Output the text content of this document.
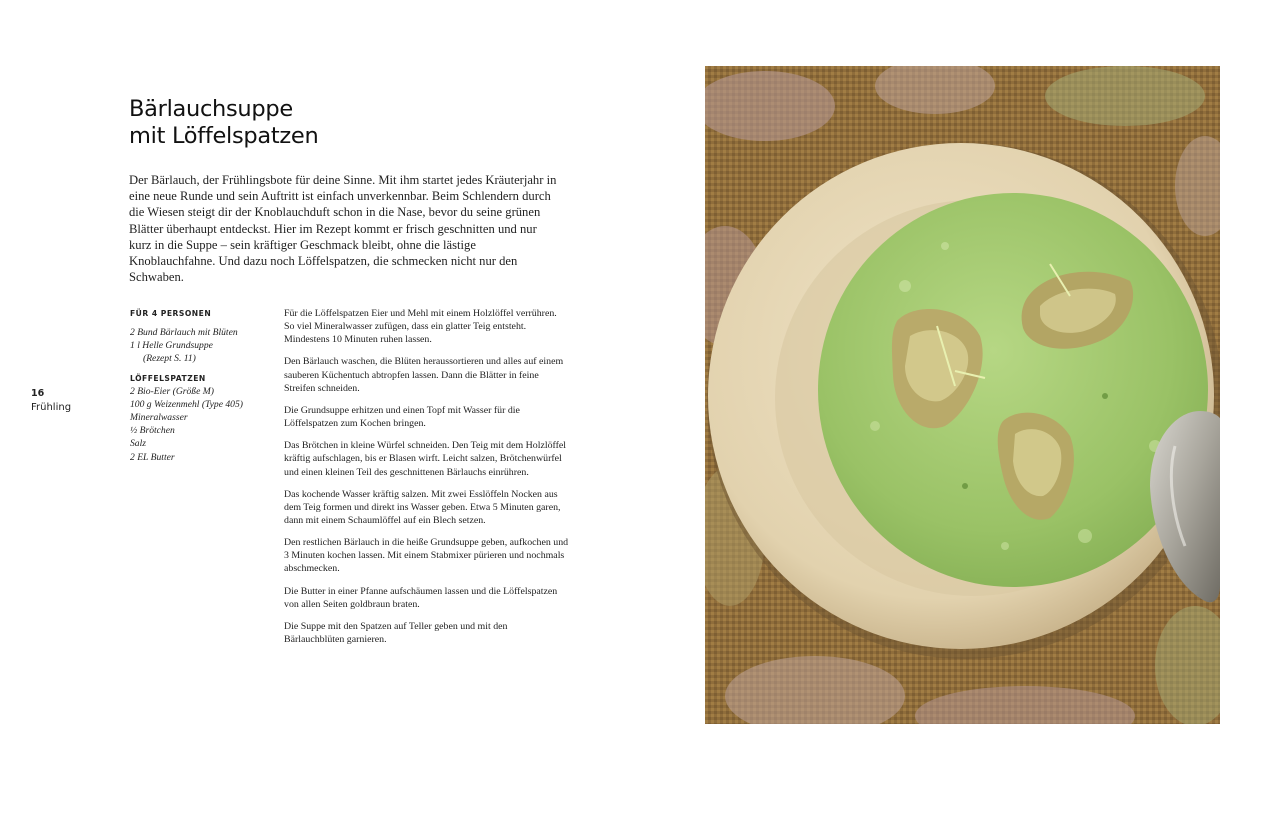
Bärlauchsuppe
mit Löffelspatzen

Der Bärlauch, der Frühlingsbote für deine Sinne. Mit ihm startet jedes Kräuterjahr in eine neue Runde und sein Auftritt ist einfach unverkennbar. Beim Schlendern durch die Wiesen steigt dir der Knoblauchduft schon in die Nase, bevor du seine grünen Blätter überhaupt entdeckst. Hier im Rezept kommt er frisch geschnitten und nur kurz in die Suppe – sein kräftiger Geschmack bleibt, ohne die lästige Knoblauchfahne. Und dazu noch Löffelspatzen, die schmecken nicht nur den Schwaben.

16
Frühling
FÜR 4 PERSONEN
2 Bund Bärlauch mit Blüten
1 l Helle Grundsuppe
(Rezept S. 11)
LÖFFELSPATZEN
2 Bio-Eier (Größe M)
100 g Weizenmehl (Type 405)
Mineralwasser
½ Brötchen
Salz
2 EL Butter

Für die Löffelspatzen Eier und Mehl mit einem Holzlöffel verrühren. So viel Mineralwasser zufügen, dass ein glatter Teig entsteht. Mindestens 10 Minuten ruhen lassen.

Den Bärlauch waschen, die Blüten heraussortieren und alles auf einem sauberen Küchentuch abtropfen lassen. Dann die Blätter in feine Streifen schneiden.

Die Grundsuppe erhitzen und einen Topf mit Wasser für die Löffelspatzen zum Kochen bringen.

Das Brötchen in kleine Würfel schneiden. Den Teig mit dem Holzlöffel kräftig aufschlagen, bis er Blasen wirft. Leicht salzen, Brötchenwürfel und einen kleinen Teil des geschnittenen Bärlauchs einrühren.

Das kochende Wasser kräftig salzen. Mit zwei Esslöffeln Nocken aus dem Teig formen und direkt ins Wasser geben. Etwa 5 Minuten garen, dann mit einem Schaumlöffel auf ein Blech setzen.

Den restlichen Bärlauch in die heiße Grundsuppe geben, aufkochen und 3 Minuten kochen lassen. Mit einem Stabmixer pürieren und nochmals abschmecken.

Die Butter in einer Pfanne aufschäumen lassen und die Löffelspatzen von allen Seiten goldbraun braten.

Die Suppe mit den Spatzen auf Teller geben und mit den Bärlauchblüten garnieren.
